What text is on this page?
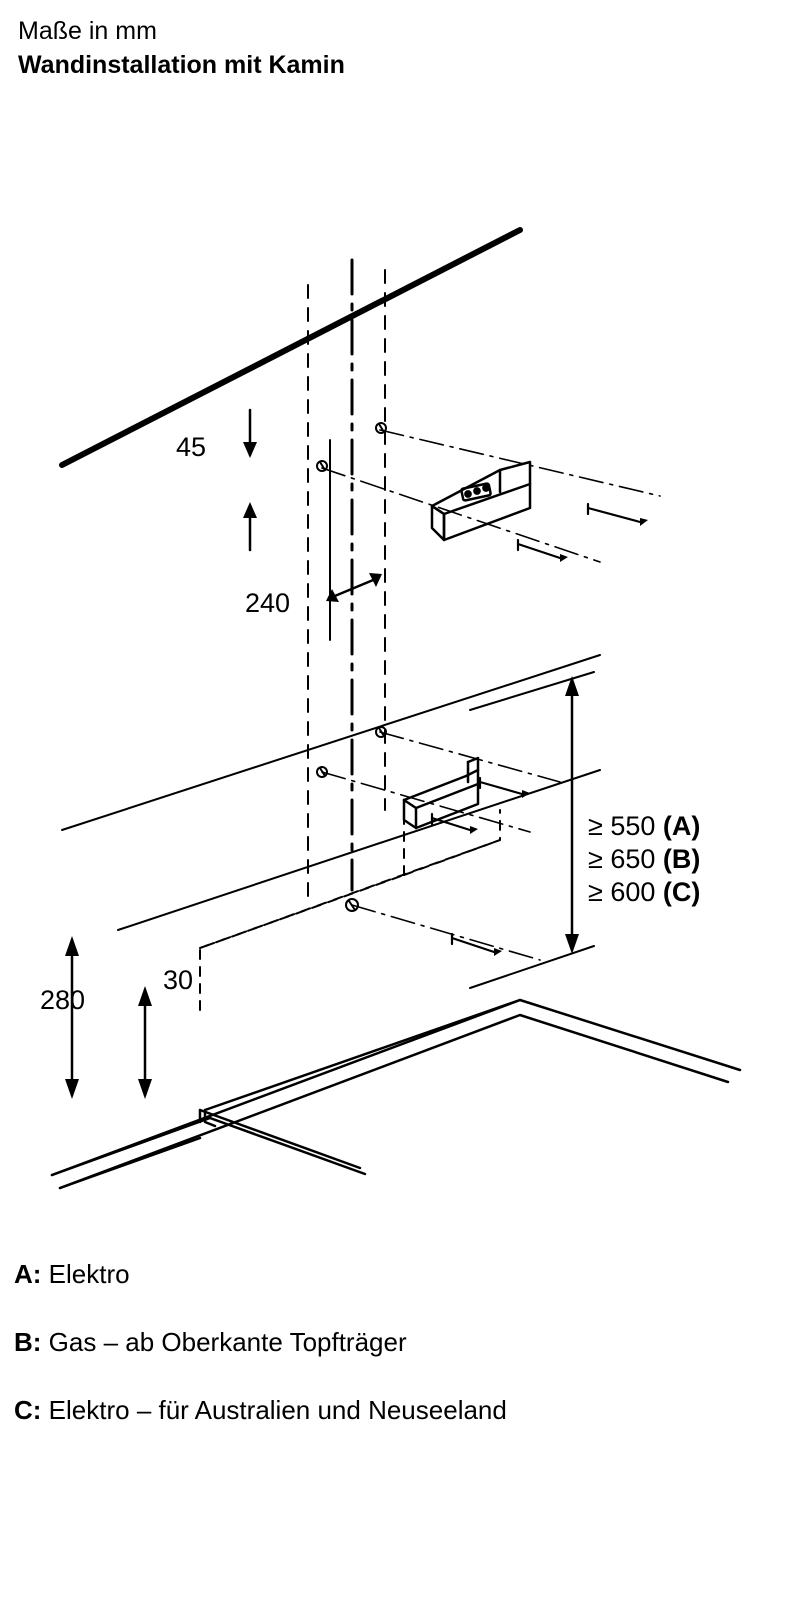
Maße in mm
Wandinstallation mit Kamin
45
240
280
30
≥ 550 (A)
≥ 650 (B)
≥ 600 (C)
A: Elektro
B: Gas – ab Oberkante Topfträger
C: Elektro – für Australien und Neuseeland
